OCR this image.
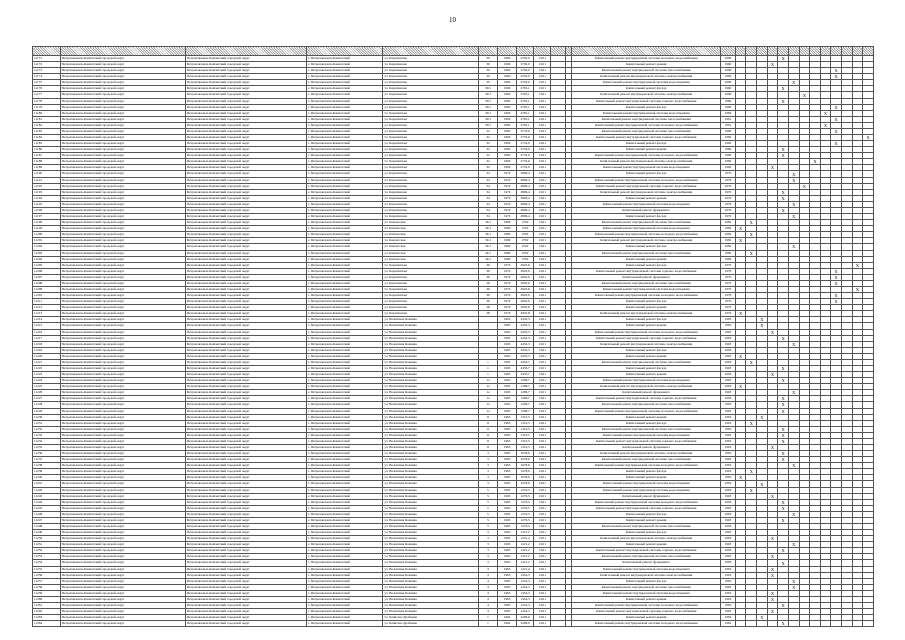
10

11171	Петропавловск-Камчатский городской округ	Петропавловск-Камчатский городской округ	г. Петропавловск-Камчатский	ул. Карагинская	30	1960	2702,0	13,01			Капитальный ремонт внутридомовой системы холодного водоснабжения	1960					X								
11172	Петропавловск-Камчатский городской округ	Петропавловск-Камчатский городской округ	г. Петропавловск-Камчатский	ул. Карагинская	30	1960	2702,0	13,01			Капитальный ремонт крыши	1960				X									
11173	Петропавловск-Камчатский городской округ	Петропавловск-Камчатский городской округ	г. Петропавловск-Камчатский	ул. Карагинская	30	1960	2702,0	13,01			Капитальный ремонт внутридомовой системы теплоснабжения	1960										X			
11174	Петропавловск-Камчатский городской округ	Петропавловск-Камчатский городской округ	г. Петропавловск-Камчатский	ул. Карагинская	30	1960	2702,0	13,01			Капитальный ремонт внутридомовой системы электроснабжения	1960										X			
11175	Петропавловск-Камчатский городской округ	Петропавловск-Камчатский городской округ	г. Петропавловск-Камчатский	ул. Карагинская	30	1960	2702,0	13,01			Капитальный ремонт внутридомовой системы водоотведения	1960						X							
11176	Петропавловск-Камчатский городской округ	Петропавловск-Камчатский городской округ	г. Петропавловск-Камчатский	ул. Карагинская	30/1	1960	2765,1	13,01			Капитальный ремонт фасада	1960					X								
11177	Петропавловск-Камчатский городской округ	Петропавловск-Камчатский городской округ	г. Петропавловск-Камчатский	ул. Карагинская	30/1	1960	2765,1	13,01			Капитальный ремонт внутридомовой системы электроснабжения	1960							X						
11178	Петропавловск-Камчатский городской округ	Петропавловск-Камчатский городской округ	г. Петропавловск-Камчатский	ул. Карагинская	30/1	1960	2765,1	13,01			Капитальный ремонт внутридомовой системы горячего водоснабжения	1960					X								
11179	Петропавловск-Камчатский городской округ	Петропавловск-Камчатский городской округ	г. Петропавловск-Камчатский	ул. Карагинская	30/1	1960	2765,1	13,01			Капитальный ремонт фасада	1960										X			
11180	Петропавловск-Камчатский городской округ	Петропавловск-Камчатский городской округ	г. Петропавловск-Камчатский	ул. Карагинская	30/1	1960	2765,1	13,01			Капитальный ремонт внутридомовой системы водоотведения	1960									X				
11181	Петропавловск-Камчатский городской округ	Петропавловск-Камчатский городской округ	г. Петропавловск-Камчатский	ул. Карагинская	30/1	1960	2765,1	13,01			Капитальный ремонт внутридомовой системы теплоснабжения	1961										X			
11182	Петропавловск-Камчатский городской округ	Петропавловск-Камчатский городской округ	г. Петропавловск-Камчатский	ул. Карагинская	30/1	1960	2765,1	13,01			Капитальный ремонт внутридомовой системы холодного водоснабжения	1961									X				
11183	Петропавловск-Камчатский городской округ	Петропавловск-Камчатский городской округ	г. Петропавловск-Камчатский	ул. Карагинская	32	1960	2733,0	13,01			Капитальный ремонт внутридомовой системы теплоснабжения	1960										X			
11184	Петропавловск-Камчатский городской округ	Петропавловск-Камчатский городской округ	г. Петропавловск-Камчатский	ул. Карагинская	32	1960	2733,0	13,01			Капитальный ремонт внутридомовой системы горячего водоснабжения	1960													X
11185	Петропавловск-Камчатский городской округ	Петропавловск-Камчатский городской округ	г. Петропавловск-Камчатский	ул. Карагинская	32	1960	2732,0	13,01			Капитальный ремонт фасада	1960										X			
11186	Петропавловск-Камчатский городской округ	Петропавловск-Камчатский городской округ	г. Петропавловск-Камчатский	ул. Карагинская	32	1960	2732,0	13,01			Капитальный ремонт крыши	1960					X								
11187	Петропавловск-Камчатский городской округ	Петропавловск-Камчатский городской округ	г. Петропавловск-Камчатский	ул. Карагинская	32	1960	2732,0	13,01			Капитальный ремонт внутридомовой системы холодного водоснабжения	1960					X								
11188	Петропавловск-Камчатский городской округ	Петропавловск-Камчатский городской округ	г. Петропавловск-Камчатский	ул. Карагинская	32	1960	2732,0	13,01			Капитальный ремонт внутридомовой системы электроснабжения	1960								X					
11189	Петропавловск-Камчатский городской округ	Петропавловск-Камчатский городской округ	г. Петропавловск-Камчатский	ул. Карагинская	32	1960	2732,0	13,01			Капитальный ремонт внутридомовой системы водоотведения	1960				X									
11190	Петропавловск-Камчатский городской округ	Петропавловск-Камчатский городской округ	г. Петропавловск-Камчатский	ул. Карагинская	34	1970	2806,4	13,01			Капитальный ремонт фасада	1970						X							
11191	Петропавловск-Камчатский городской округ	Петропавловск-Камчатский городской округ	г. Петропавловск-Камчатский	ул. Карагинская	34	1970	2806,4	13,01			Капитальный ремонт внутридомовой системы холодного водоснабжения	1970						X							
11192	Петропавловск-Камчатский городской округ	Петропавловск-Камчатский городской округ	г. Петропавловск-Камчатский	ул. Карагинская	34	1970	2806,4	13,01			Капитальный ремонт внутридомовой системы горячего водоснабжения	1970							X						
11193	Петропавловск-Камчатский городской округ	Петропавловск-Камчатский городской округ	г. Петропавловск-Камчатский	ул. Карагинская	34	1970	2806,4	13,01			Капитальный ремонт внутридомовой системы электроснабжения	1970					X								
11194	Петропавловск-Камчатский городской округ	Петропавловск-Камчатский городской округ	г. Петропавловск-Камчатский	ул. Карагинская	34	1970	2806,4	13,01			Капитальный ремонт крыши	1970					X								
11195	Петропавловск-Камчатский городской округ	Петропавловск-Камчатский городской округ	г. Петропавловск-Камчатский	ул. Карагинская	34	1970	2806,4	13,01			Капитальный ремонт внутридомовой системы водоотведения	1970						X							
11196	Петропавловск-Камчатский городской округ	Петропавловск-Камчатский городской округ	г. Петропавловск-Камчатский	ул. Карагинская	34	1970	2806,4	13,01			Капитальный ремонт фундамента	1970					X								
11197	Петропавловск-Камчатский городской округ	Петропавловск-Камчатский городской округ	г. Петропавловск-Камчатский	ул. Карагинская	34	1970	2806,4	13,01			Капитальный ремонт фасада	1970						X							
11198	Петропавловск-Камчатский городской округ	Петропавловск-Камчатский городской округ	г. Петропавловск-Камчатский	ул. Камчатская	34/1	1980	2702	13,01			Капитальный ремонт внутридомовой системы теплоснабжения	1982		X											
11199	Петропавловск-Камчатский городской округ	Петропавловск-Камчатский городской округ	г. Петропавловск-Камчатский	ул. Камчатская	34/1	1980	2702	13,01			Капитальный ремонт внутридомовой системы водоотведения	1982	X												
11200	Петропавловск-Камчатский городской округ	Петропавловск-Камчатский городской округ	г. Петропавловск-Камчатский	ул. Камчатская	34/1	1980	2702	13,01			Капитальный ремонт внутридомовой системы холодного водоснабжения	1982		X											
11201	Петропавловск-Камчатский городской округ	Петропавловск-Камчатский городской округ	г. Петропавловск-Камчатский	ул. Камчатская	34/1	1980	2702	13,01			Капитальный ремонт внутридомовой системы электроснабжения	1982	X												
11202	Петропавловск-Камчатский городской округ	Петропавловск-Камчатский городской округ	г. Петропавловск-Камчатский	ул. Камчатская	34/1	1980	2702	13,01			Капитальный ремонт фасада	1982						X							
11203	Петропавловск-Камчатский городской округ	Петропавловск-Камчатский городской округ	г. Петропавловск-Камчатский	ул. Камчатская	34/1	1980	2702	13,01			Капитальный ремонт внутридомовой системы теплоснабжения	1982		X											
11204	Петропавловск-Камчатский городской округ	Петропавловск-Камчатский городской округ	г. Петропавловск-Камчатский	ул. Камчатская	34/1	1980	2702	13,01			Капитальный ремонт крыши	1982													
11205	Петропавловск-Камчатский городской округ	Петропавловск-Камчатский городской округ	г. Петропавловск-Камчатский	ул. Карагинская	36	1970	2945,6	13,01			Капитальный ремонт фасада	1970												X	
11206	Петропавловск-Камчатский городской округ	Петропавловск-Камчатский городской округ	г. Петропавловск-Камчатский	ул. Карагинская	36	1970	2945,6	13,01			Капитальный ремонт внутридомовой системы горячего водоснабжения	1970										X			
11207	Петропавловск-Камчатский городской округ	Петропавловск-Камчатский городской округ	г. Петропавловск-Камчатский	ул. Карагинская	36	1970	2945,6	13,01			Капитальный ремонт фундамента	1970										X			
11208	Петропавловск-Камчатский городской округ	Петропавловск-Камчатский городской округ	г. Петропавловск-Камчатский	ул. Карагинская	36	1970	2945,6	13,01			Капитальный ремонт внутридомовой системы теплоснабжения	1970										X			
11209	Петропавловск-Камчатский городской округ	Петропавловск-Камчатский городской округ	г. Петропавловск-Камчатский	ул. Карагинская	36	1970	2945,6	13,01			Капитальный ремонт внутридомовой системы водоотведения	1970												X	
11210	Петропавловск-Камчатский городской округ	Петропавловск-Камчатский городской округ	г. Петропавловск-Камчатский	ул. Карагинская	36	1970	2945,6	13,01			Капитальный ремонт внутридомовой системы холодного водоснабжения	1970										X			
11211	Петропавловск-Камчатский городской округ	Петропавловск-Камчатский городской округ	г. Петропавловск-Камчатский	ул. Карагинская	36	1970	2945,6	13,01			Капитальный ремонт фасада	1970										X			
11212	Петропавловск-Камчатский городской округ	Петропавловск-Камчатский городской округ	г. Петропавловск-Камчатский	ул. Карагинская	38	1970	2945,8	13,01			Капитальный ремонт крыши	1970													
11213	Петропавловск-Камчатский городской округ	Петропавловск-Камчатский городской округ	г. Петропавловск-Камчатский	ул. Карагинская	38	1970	2945,8	13,01			Капитальный ремонт внутридомовой системы электроснабжения	1970	X												
11214	Петропавловск-Камчатский городской округ	Петропавловск-Камчатский городской округ	г. Петропавловск-Камчатский	ул. Валентина Кохника		1963	2432,3	13,01			Капитальный ремонт фасада	1963			X										
11215	Петропавловск-Камчатский городской округ	Петропавловск-Камчатский городской округ	г. Петропавловск-Камчатский	ул. Валентина Кохника		1963	2432,3	13,01			Капитальный ремонт крыши	1963			X										
11216	Петропавловск-Камчатский городской округ	Петропавловск-Камчатский городской округ	г. Петропавловск-Камчатский	ул. Валентина Кохника		1963	2432,3	13,01			Капитальный ремонт внутридомовой системы холодного водоснабжения	1963				X									
11217	Петропавловск-Камчатский городской округ	Петропавловск-Камчатский городской округ	г. Петропавловск-Камчатский	ул. Валентина Кохника		1963	2432,3	13,01			Капитальный ремонт внутридомовой системы горячего водоснабжения	1963					X								
11218	Петропавловск-Камчатский городской округ	Петропавловск-Камчатский городской округ	г. Петропавловск-Камчатский	ул. Валентина Кохника		1963	2432,3	13,01			Капитальный ремонт внутридомовой системы электроснабжения	1963						X							
11219	Петропавловск-Камчатский городской округ	Петропавловск-Камчатский городской округ	г. Петропавловск-Камчатский	ул. Валентина Кохника		1963	2432,3	13,01			Капитальный ремонт фасада	1963													
11220	Петропавловск-Камчатский городской округ	Петропавловск-Камчатский городской округ	г. Петропавловск-Камчатский	ул. Валентина Кохника		1963	2432,3	13,01			Капитальный ремонт крыши	1963	X												
11221	Петропавловск-Камчатский городской округ	Петропавловск-Камчатский городской округ	г. Петропавловск-Камчатский	ул. Валентина Кохника	1	1963	2433,7	13,01			Капитальный ремонт внутридомовой системы теплоснабжения	1963		X											
11222	Петропавловск-Камчатский городской округ	Петропавловск-Камчатский городской округ	г. Петропавловск-Камчатский	ул. Валентина Кохника	1	1963	2433,7	13,01			Капитальный ремонт фасада	1963					X								
11223	Петропавловск-Камчатский городской округ	Петропавловск-Камчатский городской округ	г. Петропавловск-Камчатский	ул. Валентина Кохника	1	1963	2433,7	13,01			Капитальный ремонт крыши	1963				X									
11224	Петропавловск-Камчатский городской округ	Петропавловск-Камчатский городской округ	г. Петропавловск-Камчатский	ул. Валентина Кохника	1а	1963	1296,7	13,01			Капитальный ремонт внутридомовой системы водоотведения	1963					X								
11225	Петропавловск-Камчатский городской округ	Петропавловск-Камчатский городской округ	г. Петропавловск-Камчатский	ул. Валентина Кохника	1а	1963	1296,7	13,01			Капитальный ремонт внутридомовой системы электроснабжения	1963	X												
11226	Петропавловск-Камчатский городской округ	Петропавловск-Камчатский городской округ	г. Петропавловск-Камчатский	ул. Валентина Кохника	1а	1963	1296,7	13,01			Капитальный ремонт фундамента	1963						X							
11227	Петропавловск-Камчатский городской округ	Петропавловск-Камчатский городской округ	г. Петропавловск-Камчатский	ул. Валентина Кохника	1а	1963	1296,7	13,01			Капитальный ремонт внутридомовой системы горячего водоснабжения	1963					X								
11228	Петропавловск-Камчатский городской округ	Петропавловск-Камчатский городской округ	г. Петропавловск-Камчатский	ул. Валентина Кохника	1а	1963	1296,7	13,01			Капитальный ремонт внутридомовой системы теплоснабжения	1963					X								
11229	Петропавловск-Камчатский городской округ	Петропавловск-Камчатский городской округ	г. Петропавловск-Камчатский	ул. Валентина Кохника	1а	1963	1296,7	13,01			Капитальный ремонт внутридомовой системы холодного водоснабжения	1963					X								
11230	Петропавловск-Камчатский городской округ	Петропавловск-Камчатский городской округ	г. Петропавловск-Камчатский	ул. Валентина Кохника	11	1963	1310,5	13,01			Капитальный ремонт крыши	1963			X										
11231	Петропавловск-Камчатский городской округ	Петропавловск-Камчатский городской округ	г. Петропавловск-Камчатский	ул. Валентина Кохника	11	1963	1310,5	13,01			Капитальный ремонт фасада	1963		X											
11232	Петропавловск-Камчатский городской округ	Петропавловск-Камчатский городской округ	г. Петропавловск-Камчатский	ул. Валентина Кохника	11	1963	1310,5	13,01			Капитальный ремонт внутридомовой системы теплоснабжения	1963					X								
11233	Петропавловск-Камчатский городской округ	Петропавловск-Камчатский городской округ	г. Петропавловск-Камчатский	ул. Валентина Кохника	11	1963	1310,5	13,01			Капитальный ремонт внутридомовой системы водоотведения	1963					X								
11234	Петропавловск-Камчатский городской округ	Петропавловск-Камчатский городской округ	г. Петропавловск-Камчатский	ул. Валентина Кохника	11	1963	1310,5	13,01			Капитальный ремонт внутридомовой системы горячего водоснабжения	1963					X								
11235	Петропавловск-Камчатский городской округ	Петропавловск-Камчатский городской округ	г. Петропавловск-Камчатский	ул. Валентина Кохника	11	1963	1310,5	13,01			Капитальный ремонт фундамента	1963				X									
11236	Петропавловск-Камчатский городской округ	Петропавловск-Камчатский городской округ	г. Петропавловск-Камчатский	ул. Валентина Кохника	3	1963	1678,6	13,01			Капитальный ремонт внутридомовой системы электроснабжения	1963					X								
11237	Петропавловск-Камчатский городской округ	Петропавловск-Камчатский городской округ	г. Петропавловск-Камчатский	ул. Валентина Кохника	3	1963	1678,6	13,01			Капитальный ремонт внутридомовой системы теплоснабжения	1963					X								
11238	Петропавловск-Камчатский городской округ	Петропавловск-Камчатский городской округ	г. Петропавловск-Камчатский	ул. Валентина Кохника	3	1963	1678,6	13,01			Капитальный ремонт внутридомовой системы холодного водоснабжения	1963						X							
11239	Петропавловск-Камчатский городской округ	Петропавловск-Камчатский городской округ	г. Петропавловск-Камчатский	ул. Валентина Кохника	3	1963	1678,6	13,01			Капитальный ремонт фасада	1963		X											
11240	Петропавловск-Камчатский городской округ	Петропавловск-Камчатский городской округ	г. Петропавловск-Камчатский	ул. Валентина Кохника	3	1963	1678,6	13,01			Капитальный ремонт крыши	1963	X												
11241	Петропавловск-Камчатский городской округ	Петропавловск-Камчатский городской округ	г. Петропавловск-Камчатский	ул. Валентина Кохника	3	1963	1678,6	13,01			Капитальный ремонт внутридомовой системы водоотведения	1963			X										
11242	Петропавловск-Камчатский городской округ	Петропавловск-Камчатский городской округ	г. Петропавловск-Камчатский	ул. Валентина Кохника	5	1963	1270,5	13,01			Капитальный ремонт внутридомовой системы водоотведения	1963		X											
11243	Петропавловск-Камчатский городской округ	Петропавловск-Камчатский городской округ	г. Петропавловск-Камчатский	ул. Валентина Кохника	5	1963	1270,5	13,01			Капитальный ремонт фундамента	1963				X									
11244	Петропавловск-Камчатский городской округ	Петропавловск-Камчатский городской округ	г. Петропавловск-Камчатский	ул. Валентина Кохника	5	1963	1270,5	13,01			Капитальный ремонт внутридомовой системы холодного водоснабжения	1963					X								
11245	Петропавловск-Камчатский городской округ	Петропавловск-Камчатский городской округ	г. Петропавловск-Камчатский	ул. Валентина Кохника	5	1963	1270,5	13,01			Капитальный ремонт внутридомовой системы горячего водоснабжения	1963					X								
11246	Петропавловск-Камчатский городской округ	Петропавловск-Камчатский городской округ	г. Петропавловск-Камчатский	ул. Валентина Кохника	5	1963	1270,5	13,01			Капитальный ремонт фасада	1963						X							
11247	Петропавловск-Камчатский городской округ	Петропавловск-Камчатский городской округ	г. Петропавловск-Камчатский	ул. Валентина Кохника	5	1963	1270,5	13,01			Капитальный ремонт крыши	1963					X								
11248	Петропавловск-Камчатский городской округ	Петропавловск-Камчатский городской округ	г. Петропавловск-Камчатский	ул. Валентина Кохника	5	1963	1270,5	13,01			Капитальный ремонт внутридомовой системы теплоснабжения	1963													
11249	Петропавловск-Камчатский городской округ	Петропавловск-Камчатский городской округ	г. Петропавловск-Камчатский	ул. Валентина Кохника	3	1963	1221,2	13,01			Капитальный ремонт фасада	1963													
11250	Петропавловск-Камчатский городской округ	Петропавловск-Камчатский городской округ	г. Петропавловск-Камчатский	ул. Валентина Кохника	3	1963	1221,2	13,01			Капитальный ремонт внутридомовой системы электроснабжения	1963				X									
11251	Петропавловск-Камчатский городской округ	Петропавловск-Камчатский городской округ	г. Петропавловск-Камчатский	ул. Валентина Кохника	3	1963	1221,2	13,01			Капитальный ремонт крыши	1963						X							
11252	Петропавловск-Камчатский городской округ	Петропавловск-Камчатский городской округ	г. Петропавловск-Камчатский	ул. Валентина Кохника	3	1963	1221,2	13,01			Капитальный ремонт внутридомовой системы горячего водоснабжения	1963					X								
11253	Петропавловск-Камчатский городской округ	Петропавловск-Камчатский городской округ	г. Петропавловск-Камчатский	ул. Валентина Кохника	3	1963	1221,2	13,01			Капитальный ремонт внутридомовой системы теплоснабжения	1963				X									
11254	Петропавловск-Камчатский городской округ	Петропавловск-Камчатский городской округ	г. Петропавловск-Камчатский	ул. Валентина Кохника	3	1963	1221,2	13,01			Капитальный ремонт фундамента	1963					X								
11255	Петропавловск-Камчатский городской округ	Петропавловск-Камчатский городской округ	г. Петропавловск-Камчатский	ул. Валентина Кохника	3	1963	1221,2	13,01			Капитальный ремонт внутридомовой системы водоотведения	1963				X									
11256	Петропавловск-Камчатский городской округ	Петропавловск-Камчатский городской округ	г. Петропавловск-Камчатский	ул. Валентина Кохника	4	1963	1454,3	13,01			Капитальный ремонт внутридомовой системы электроснабжения	1963				X									
11257	Петропавловск-Камчатский городской округ	Петропавловск-Камчатский городской округ	г. Петропавловск-Камчатский	ул. Валентина Кохника	4	1963	1454,3	13,01			Капитальный ремонт фасада	1963						X							
11258	Петропавловск-Камчатский городской округ	Петропавловск-Камчатский городской округ	г. Петропавловск-Камчатский	ул. Валентина Кохника	4	1963	1454,3	13,01			Капитальный ремонт внутридомовой системы теплоснабжения	1963						X							
11259	Петропавловск-Камчатский городской округ	Петропавловск-Камчатский городской округ	г. Петропавловск-Камчатский	ул. Валентина Кохника	4	1963	1454,3	13,01			Капитальный ремонт внутридомовой системы водоотведения	1963				X									
11260	Петропавловск-Камчатский городской округ	Петропавловск-Камчатский городской округ	г. Петропавловск-Камчатский	ул. Валентина Кохника	4	1963	1454,3	13,01			Капитальный ремонт крыши	1963				X									
11261	Петропавловск-Камчатский городской округ	Петропавловск-Камчатский городской округ	г. Петропавловск-Камчатский	ул. Валентина Кохника	4	1963	1454,3	13,01			Капитальный ремонт внутридомовой системы холодного водоснабжения	1963					X								
11262	Петропавловск-Камчатский городской округ	Петропавловск-Камчатский городской округ	г. Петропавловск-Камчатский	ул. Валентина Кохника	4	1963	1454,3	13,01			Капитальный ремонт внутридомовой системы горячего водоснабжения	1963				X									
11263	Петропавловск-Камчатский городской округ	Петропавловск-Камчатский городской округ	г. Петропавловск-Камчатский	ул. Капитана Драбкина	1	1962	2296,0	13,01			Капитальный ремонт крыши	1962			X										
11264	Петропавловск-Камчатский городской округ	Петропавловск-Камчатский городской округ	г. Петропавловск-Камчатский	ул. Капитана Драбкина	1	1962	2296,0	13,01			Капитальный ремонт внутридомовой системы холодного водоснабжения	1962					X								
